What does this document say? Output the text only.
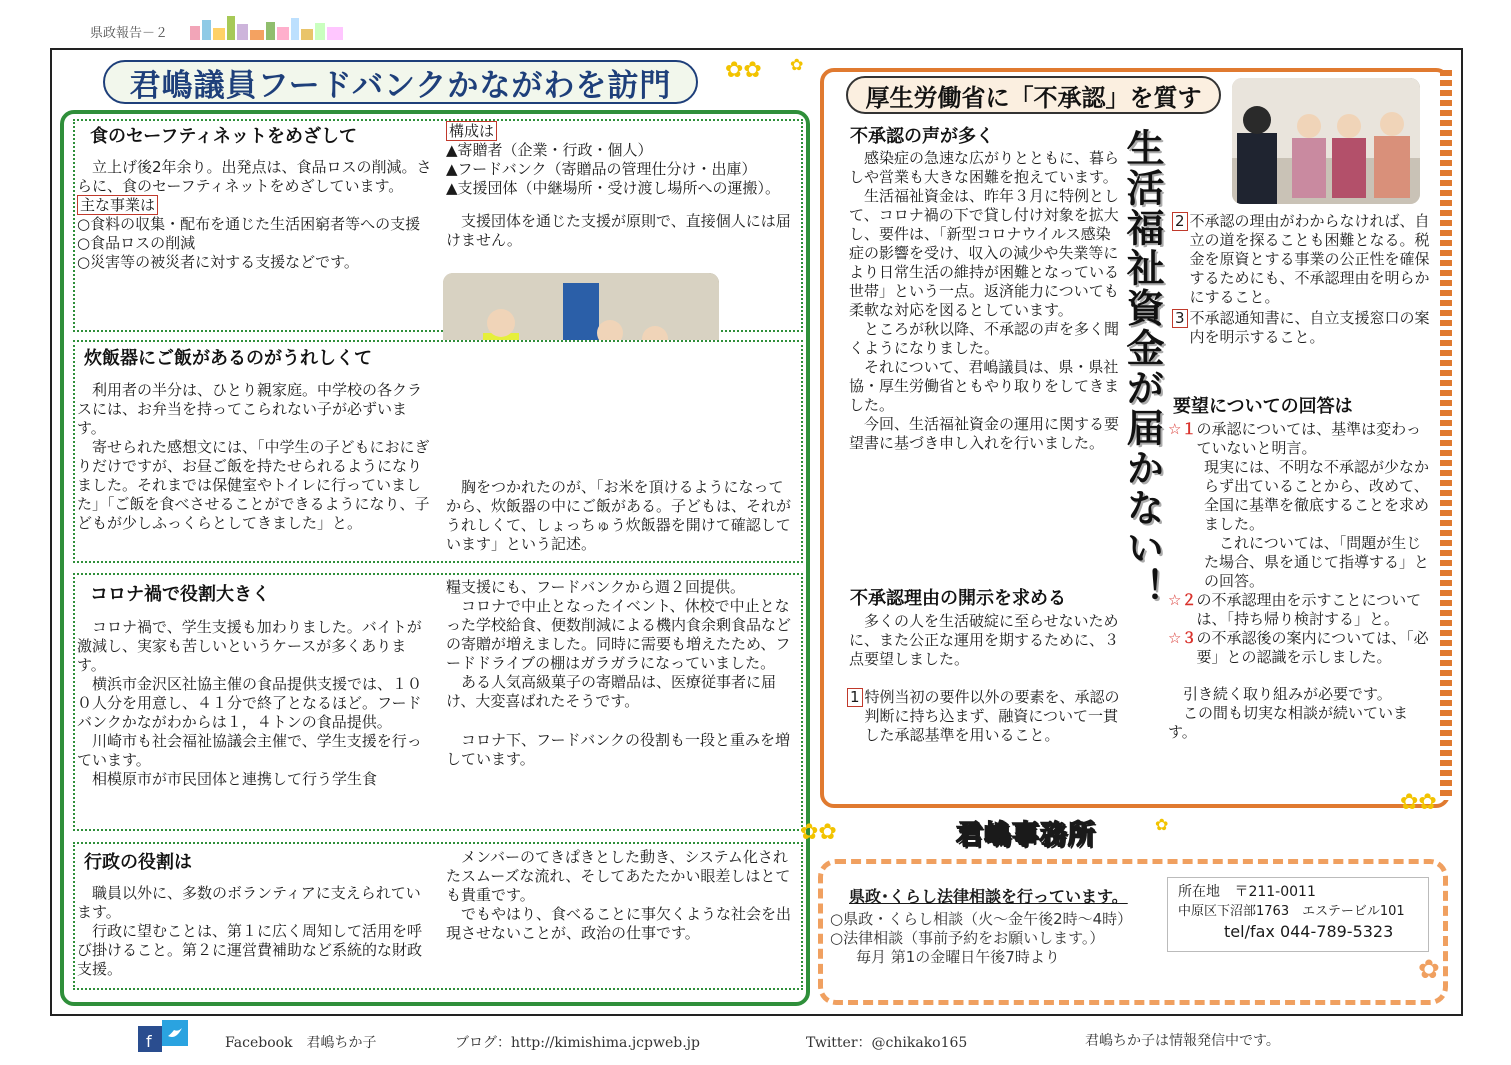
県政報告－２
君嶋議員フードバンクかながわを訪門 ✿✿ ✿
食のセーフティネットをめざして

立上げ後2年余り。出発点は、食品ロスの削減。さらに、食のセーフティネットをめざしています。

主な事業は

○食料の収集・配布を通じた生活困窮者等への支援

○食品ロスの削減

○災害等の被災者に対する支援などです。

構成は

▲寄贈者（企業・行政・個人）

▲フードバンク（寄贈品の管理仕分け・出庫）

▲支援団体（中継場所・受け渡し場所への運搬）。

支援団体を通じた支援が原則で、直接個人には届けません。

炊飯器にご飯があるのがうれしくて

利用者の半分は、ひとり親家庭。中学校の各クラスには、お弁当を持ってこられない子が必ずいます。

寄せられた感想文には、「中学生の子どもにおにぎりだけですが、お昼ご飯を持たせられるようになりました。それまでは保健室やトイレに行っていました」「ご飯を食べさせることができるようになり、子どもが少しふっくらとしてきました」と。

胸をつかれたのが、「お米を頂けるようになってから、炊飯器の中にご飯がある。子どもは、それがうれしくて、しょっちゅう炊飯器を開けて確認しています」という記述。

コロナ禍で役割大きく

コロナ禍で、学生支援も加わりました。バイトが激減し、実家も苦しいというケースが多くあります。

横浜市金沢区社協主催の食品提供支援では、１００人分を用意し、４１分で終了となるほど。フードバンクかながわからは１，４トンの食品提供。

川崎市も社会福祉協議会主催で、学生支援を行っています。

相模原市が市民団体と連携して行う学生食

糧支援にも、フードバンクから週２回提供。

コロナで中止となったイベント、休校で中止となった学校給食、便数削減による機内食余剰食品などの寄贈が増えました。同時に需要も増えたため、フードドライブの棚はガラガラになっていました。

ある人気高級菓子の寄贈品は、医療従事者に届け、大変喜ばれたそうです。

コロナ下、フードバンクの役割も一段と重みを増しています。

行政の役割は

職員以外に、多数のボランティアに支えられています。

行政に望むことは、第１に広く周知して活用を呼び掛けること。第２に運営費補助など系統的な財政支援。

メンバーのてきぱきとした動き、システム化されたスムーズな流れ、そしてあたたかい眼差しはとても貴重です。

でもやはり、食べることに事欠くような社会を出現させないことが、政治の仕事です。

厚生労働省に「不承認」を質す
生活福祉資金が届かない！
不承認の声が多く

感染症の急速な広がりとともに、暮らしや営業も大きな困難を抱えています。

生活福祉資金は、昨年３月に特例として、コロナ禍の下で貸し付け対象を拡大し、要件は、「新型コロナウイルス感染症の影響を受け、収入の減少や失業等により日常生活の維持が困難となっている世帯」という一点。返済能力についても柔軟な対応を図るとしています。

ところが秋以降、不承認の声を多く聞くようになりました。

それについて、君嶋議員は、県・県社協・厚生労働省ともやり取りをしてきました。

今回、生活福祉資金の運用に関する要望書に基づき申し入れを行いました。

不承認理由の開示を求める

多くの人を生活破綻に至らせないために、また公正な運用を期するために、３点要望しました。

1 特例当初の要件以外の要素を、承認の判断に持ち込まず、融資について一貫した承認基準を用いること。

2 不承認の理由がわからなければ、自立の道を探ることも困難となる。税金を原資とする事業の公正性を確保するためにも、不承認理由を明らかにすること。

3 不承認通知書に、自立支援窓口の案内を明示すること。

要望についての回答は
☆ １ の承認については、基準は変わっていないと明言。

現実には、不明な不承認が少なからず出ていることから、改めて、全国に基準を徹底することを求めました。

これについては、「問題が生じた場合、県を通じて指導する」との回答。

☆ ２ の不承認理由を示すことについては、「持ち帰り検討する」と。

☆ ３ の不承認後の案内については、「必要」との認識を示しました。

引き続く取り組みが必要です。

この間も切実な相談が続いています。

✿✿
✿✿	✿
君嶋事務所
県政･くらし法律相談を行っています。

○県政・くらし相談（火～金午後2時～4時）

○法律相談（事前予約をお願いします。）

毎月 第1の金曜日午後7時より

所在地 〒211-0011
中原区下沼部1763　エステービル101
tel/fax 044-789-5323
✿
f	Facebook　君嶋ちか子	ブログ：http://kimishima.jcpweb.jp	Twitter：@chikako165	君嶋ちか子は情報発信中です。
